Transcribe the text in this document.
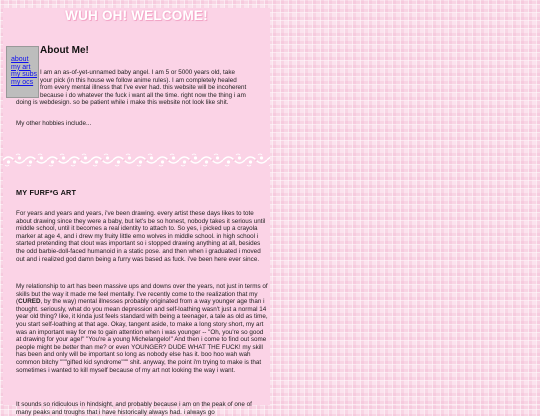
WUH OH! WELCOME!
about
my art
my subs
my ocs
About Me!
I am an as-of-yet-unnamed baby angel. I am 5 or 5000 years old, take
your pick (in this house we follow anime rules). I am completely healed
from every mental illness that I've ever had. this website will be incoherent
because i do whatever the fuck i want all the time. right now the thing i am
doing is webdesign. so be patient while i make this website not look like shit.
My other hobbies include...
MY FURF*G ART
For years and years and years, i've been drawing. every artist these days likes to tote about drawing since they were a baby, but let's be so honest, nobody takes it serious until middle school, until it becomes a real identity to attach to. So yes, i picked up a crayola marker at age 4, and i drew my fruity little emo wolves in middle school. in high school i started pretending that clout was important so i stopped drawing anything at all, besides the odd barbie-doll-faced humanoid in a static pose. and then when i graduated i moved out and i realized god damn being a furry was based as fuck. i've been here ever since.
My relationship to art has been massive ups and downs over the years, not just in terms of skills but the way it made me feel mentally. I've recently come to the realization that my (CURED, by the way) mental illnesses probably originated from a way younger age than i thought. seriously, what do you mean depression and self-loathing wasn't just a normal 14 year old thing? like, it kinda just feels standard with being a teenager, a tale as old as time, you start self-loathing at that age. Okay, tangent aside, to make a long story short, my art was an important way for me to gain attention when i was younger -- "Oh, you're so good at drawing for your age!" "You're a young Michelangelo!" And then i come to find out some people might be better than me? or even YOUNGER? DUDE WHAT THE FUCK! my skill has been and only will be important so long as nobody else has it. boo hoo wah wah common bitchy """gifted kid syndrome""" shit. anyway, the point i'm trying to make is that sometimes i wanted to kill myself because of my art not looking the way i want.
It sounds so ridiculous in hindsight, and probably because i am on the peak of one of many peaks and troughs that i have historically always had. i always go
